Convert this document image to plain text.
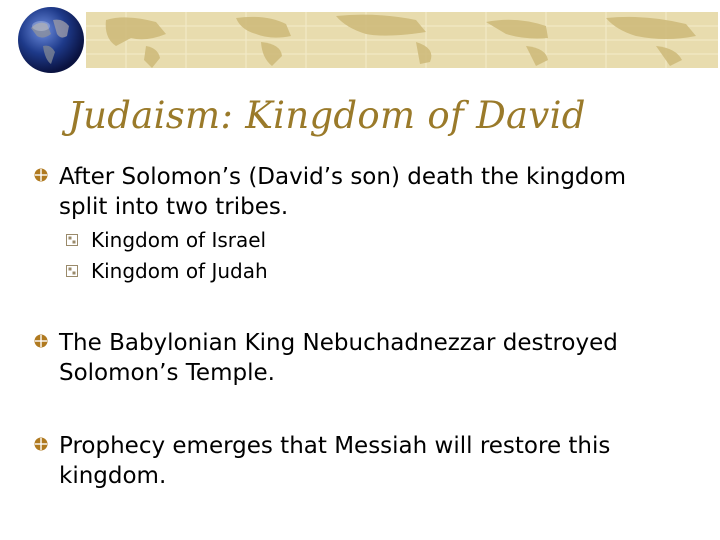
Judaism: Kingdom of David
After Solomon’s (David’s son) death the kingdom split into two tribes.
Kingdom of Israel
Kingdom of Judah
The Babylonian King Nebuchadnezzar destroyed Solomon’s Temple.
Prophecy emerges that Messiah will restore this kingdom.
